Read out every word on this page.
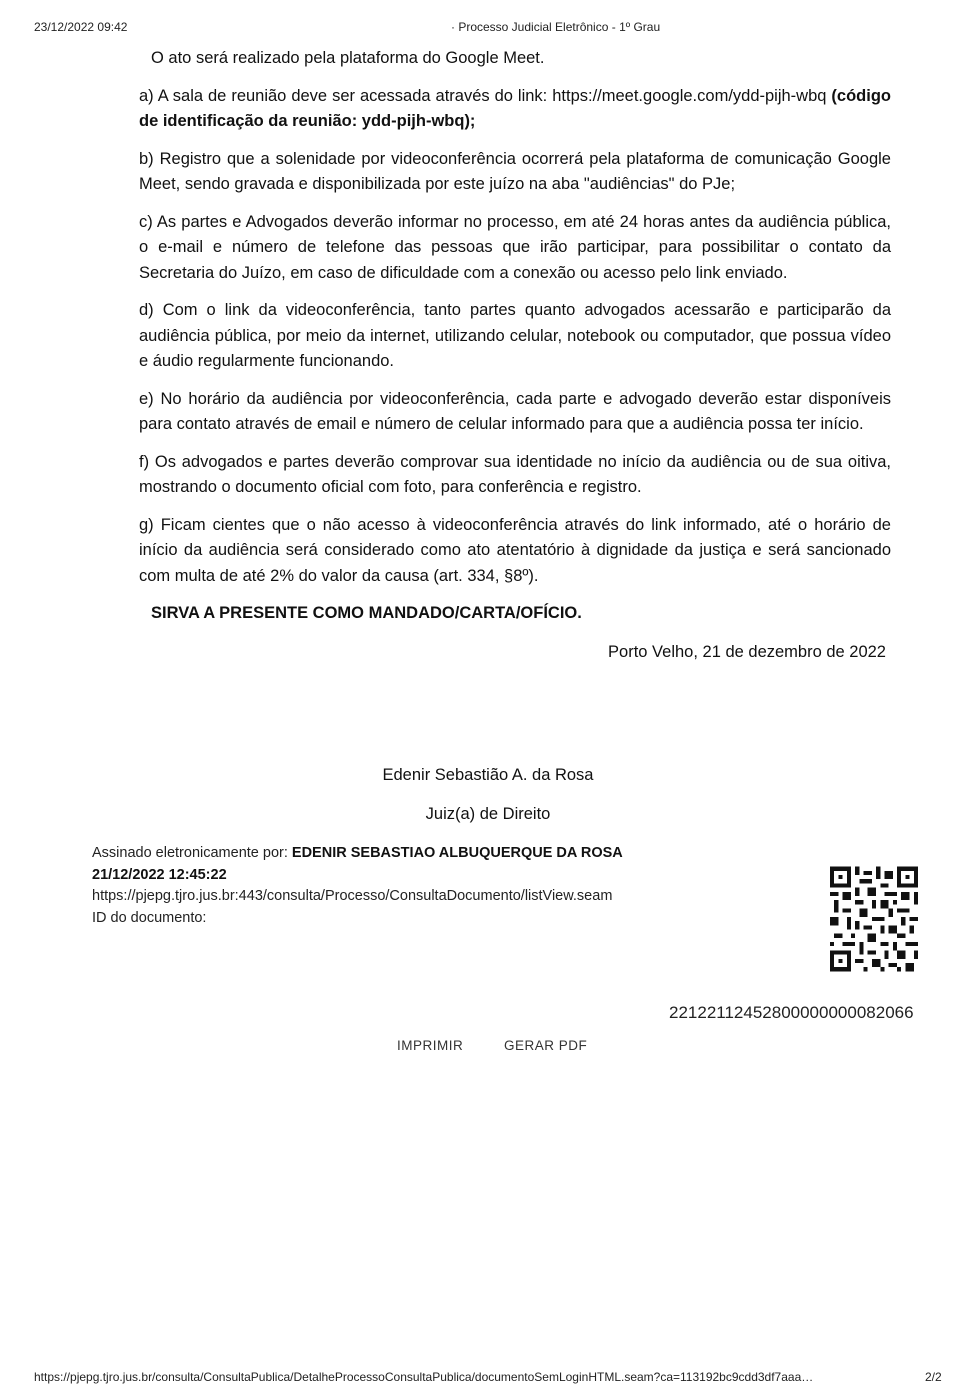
23/12/2022 09:42	· Processo Judicial Eletrônico - 1º Grau

O ato será realizado pela plataforma do Google Meet.

a) A sala de reunião deve ser acessada através do link: https://meet.google.com/ydd-pijh-wbq (código de identificação da reunião: ydd-pijh-wbq);

b) Registro que a solenidade por videoconferência ocorrerá pela plataforma de comunicação Google Meet, sendo gravada e disponibilizada por este juízo na aba "audiências" do PJe;

c) As partes e Advogados deverão informar no processo, em até 24 horas antes da audiência pública, o e-mail e número de telefone das pessoas que irão participar, para possibilitar o contato da Secretaria do Juízo, em caso de dificuldade com a conexão ou acesso pelo link enviado.

d) Com o link da videoconferência, tanto partes quanto advogados acessarão e participarão da audiência pública, por meio da internet, utilizando celular, notebook ou computador, que possua vídeo e áudio regularmente funcionando.

e) No horário da audiência por videoconferência, cada parte e advogado deverão estar disponíveis para contato através de email e número de celular informado para que a audiência possa ter início.

f) Os advogados e partes deverão comprovar sua identidade no início da audiência ou de sua oitiva, mostrando o documento oficial com foto, para conferência e registro.

g) Ficam cientes que o não acesso à videoconferência através do link informado, até o horário de início da audiência será considerado como ato atentatório à dignidade da justiça e será sancionado com multa de até 2% do valor da causa (art. 334, §8º).

SIRVA A PRESENTE COMO MANDADO/CARTA/OFÍCIO.

Porto Velho, 21 de dezembro de 2022

Edenir Sebastião A. da Rosa
Juiz(a) de Direito
Assinado eletronicamente por: EDENIR SEBASTIAO ALBUQUERQUE DA ROSA
21/12/2022 12:45:22
https://pjepg.tjro.jus.br:443/consulta/Processo/ConsultaDocumento/listView.seam
ID do documento:
22122112452800000000082066
IMPRIMIR	GERAR PDF
https://pjepg.tjro.jus.br/consulta/ConsultaPublica/DetalheProcessoConsultaPublica/documentoSemLoginHTML.seam?ca=113192bc9cdd3df7aaa…	2/2
